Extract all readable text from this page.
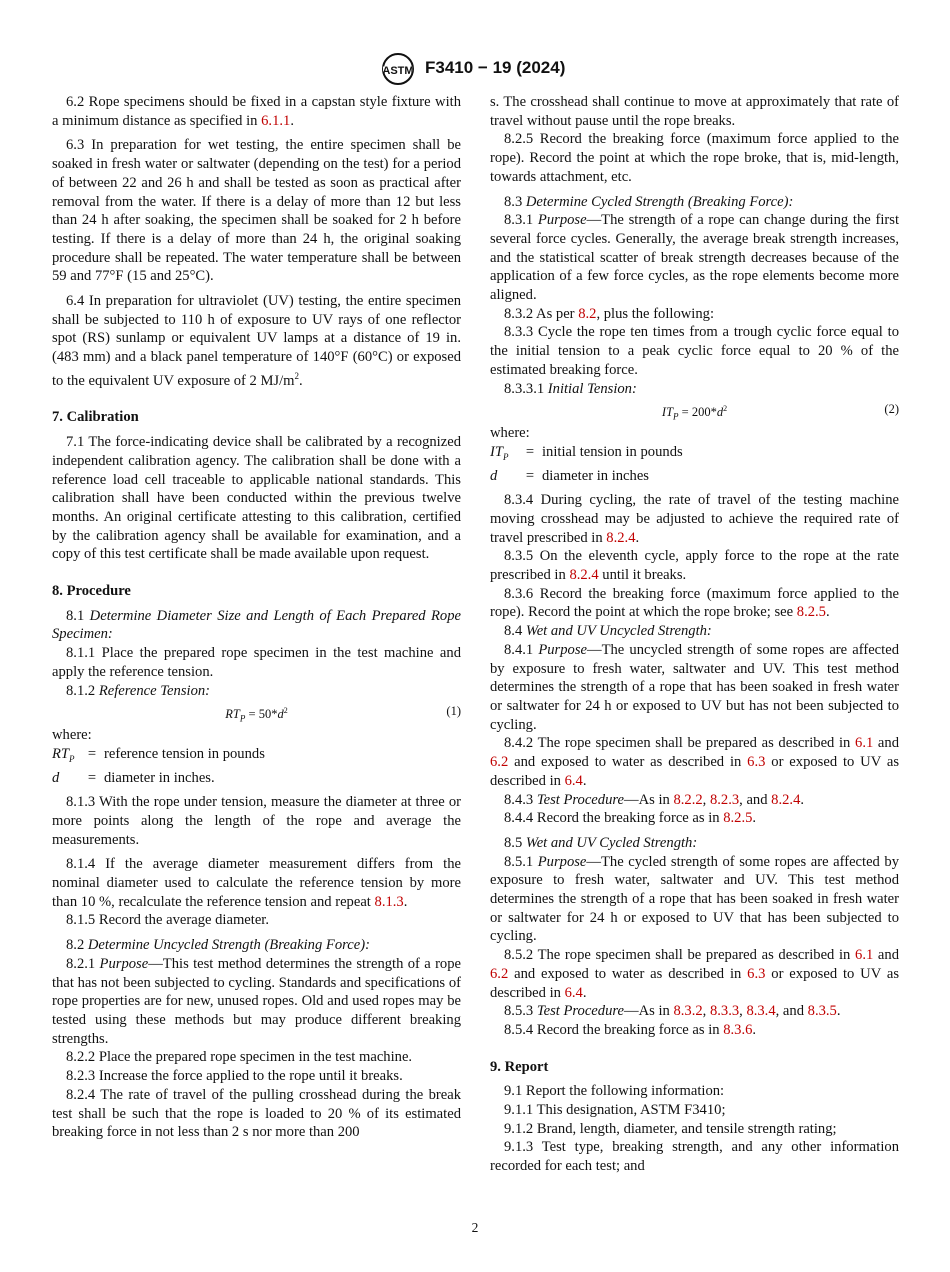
ASTM F3410 − 19 (2024)

6.2 Rope specimens should be fixed in a capstan style fixture with a minimum distance as specified in 6.1.1.

6.3 In preparation for wet testing, the entire specimen shall be soaked in fresh water or saltwater (depending on the test) for a period of between 22 and 26 h and shall be tested as soon as practical after removal from the water. If there is a delay of more than 12 but less than 24 h after soaking, the specimen shall be soaked for 2 h before testing. If there is a delay of more than 24 h, the original soaking procedure shall be repeated. The water temperature shall be between 59 and 77°F (15 and 25°C).

6.4 In preparation for ultraviolet (UV) testing, the entire specimen shall be subjected to 110 h of exposure to UV rays of one reflector spot (RS) sunlamp or equivalent UV lamps at a distance of 19 in. (483 mm) and a black panel temperature of 140°F (60°C) or exposed to the equivalent UV exposure of 2 $MJ/m^2$.

7. Calibration

7.1 The force-indicating device shall be calibrated by a recognized independent calibration agency. The calibration shall be done with a reference load cell traceable to applicable national standards. This calibration shall have been conducted within the previous twelve months. An original certificate attesting to this calibration, certified by the calibration agency shall be available for examination, and a copy of this test certificate shall be made available upon request.

8. Procedure

8.1 Determine Diameter Size and Length of Each Prepared Rope Specimen:

8.1.1 Place the prepared rope specimen in the test machine and apply the reference tension.

8.1.2 Reference Tension:

$RT_P = 50*d^2$	(1)

where:

$RT_P$ = reference tension in pounds
d	= diameter in inches.

8.1.3 With the rope under tension, measure the diameter at three or more points along the length of the rope and average the measurements.

8.1.4 If the average diameter measurement differs from the nominal diameter used to calculate the reference tension by more than 10 %, recalculate the reference tension and repeat 8.1.3.

8.1.5 Record the average diameter.

8.2 Determine Uncycled Strength (Breaking Force):

8.2.1 Purpose—This test method determines the strength of a rope that has not been subjected to cycling. Standards and specifications of rope properties are for new, unused ropes. Old and used ropes may be tested using these methods but may produce different breaking strengths.

8.2.2 Place the prepared rope specimen in the test machine.

8.2.3 Increase the force applied to the rope until it breaks.

8.2.4 The rate of travel of the pulling crosshead during the break test shall be such that the rope is loaded to 20 % of its estimated breaking force in not less than 2 s nor more than 200

s. The crosshead shall continue to move at approximately that rate of travel without pause until the rope breaks.

8.2.5 Record the breaking force (maximum force applied to the rope). Record the point at which the rope broke, that is, mid-length, towards attachment, etc.

8.3 Determine Cycled Strength (Breaking Force):

8.3.1 Purpose—The strength of a rope can change during the first several force cycles. Generally, the average break strength increases, and the statistical scatter of break strength decreases because of the application of a few force cycles, as the rope elements become more aligned.

8.3.2 As per 8.2, plus the following:

8.3.3 Cycle the rope ten times from a trough cyclic force equal to the initial tension to a peak cyclic force equal to 20 % of the estimated breaking force.

8.3.3.1 Initial Tension:

$IT_P = 200*d^2$	(2)

where:

$IT_P$	= initial tension in pounds
d	= diameter in inches

8.3.4 During cycling, the rate of travel of the testing machine moving crosshead may be adjusted to achieve the required rate of travel prescribed in 8.2.4.

8.3.5 On the eleventh cycle, apply force to the rope at the rate prescribed in 8.2.4 until it breaks.

8.3.6 Record the breaking force (maximum force applied to the rope). Record the point at which the rope broke; see 8.2.5.

8.4 Wet and UV Uncycled Strength:

8.4.1 Purpose—The uncycled strength of some ropes are affected by exposure to fresh water, saltwater and UV. This test method determines the strength of a rope that has been soaked in fresh water or saltwater for 24 h or exposed to UV but has not been subjected to cycling.

8.4.2 The rope specimen shall be prepared as described in 6.1 and 6.2 and exposed to water as described in 6.3 or exposed to UV as described in 6.4.

8.4.3 Test Procedure—As in 8.2.2, 8.2.3, and 8.2.4.

8.4.4 Record the breaking force as in 8.2.5.

8.5 Wet and UV Cycled Strength:

8.5.1 Purpose—The cycled strength of some ropes are affected by exposure to fresh water, saltwater and UV. This test method determines the strength of a rope that has been soaked in fresh water or saltwater for 24 h or exposed to UV that has been subjected to cycling.

8.5.2 The rope specimen shall be prepared as described in 6.1 and 6.2 and exposed to water as described in 6.3 or exposed to UV as described in 6.4.

8.5.3 Test Procedure—As in 8.3.2, 8.3.3, 8.3.4, and 8.3.5.

8.5.4 Record the breaking force as in 8.3.6.

9. Report

9.1 Report the following information:

9.1.1 This designation, ASTM F3410;

9.1.2 Brand, length, diameter, and tensile strength rating;

9.1.3 Test type, breaking strength, and any other information recorded for each test; and

2
